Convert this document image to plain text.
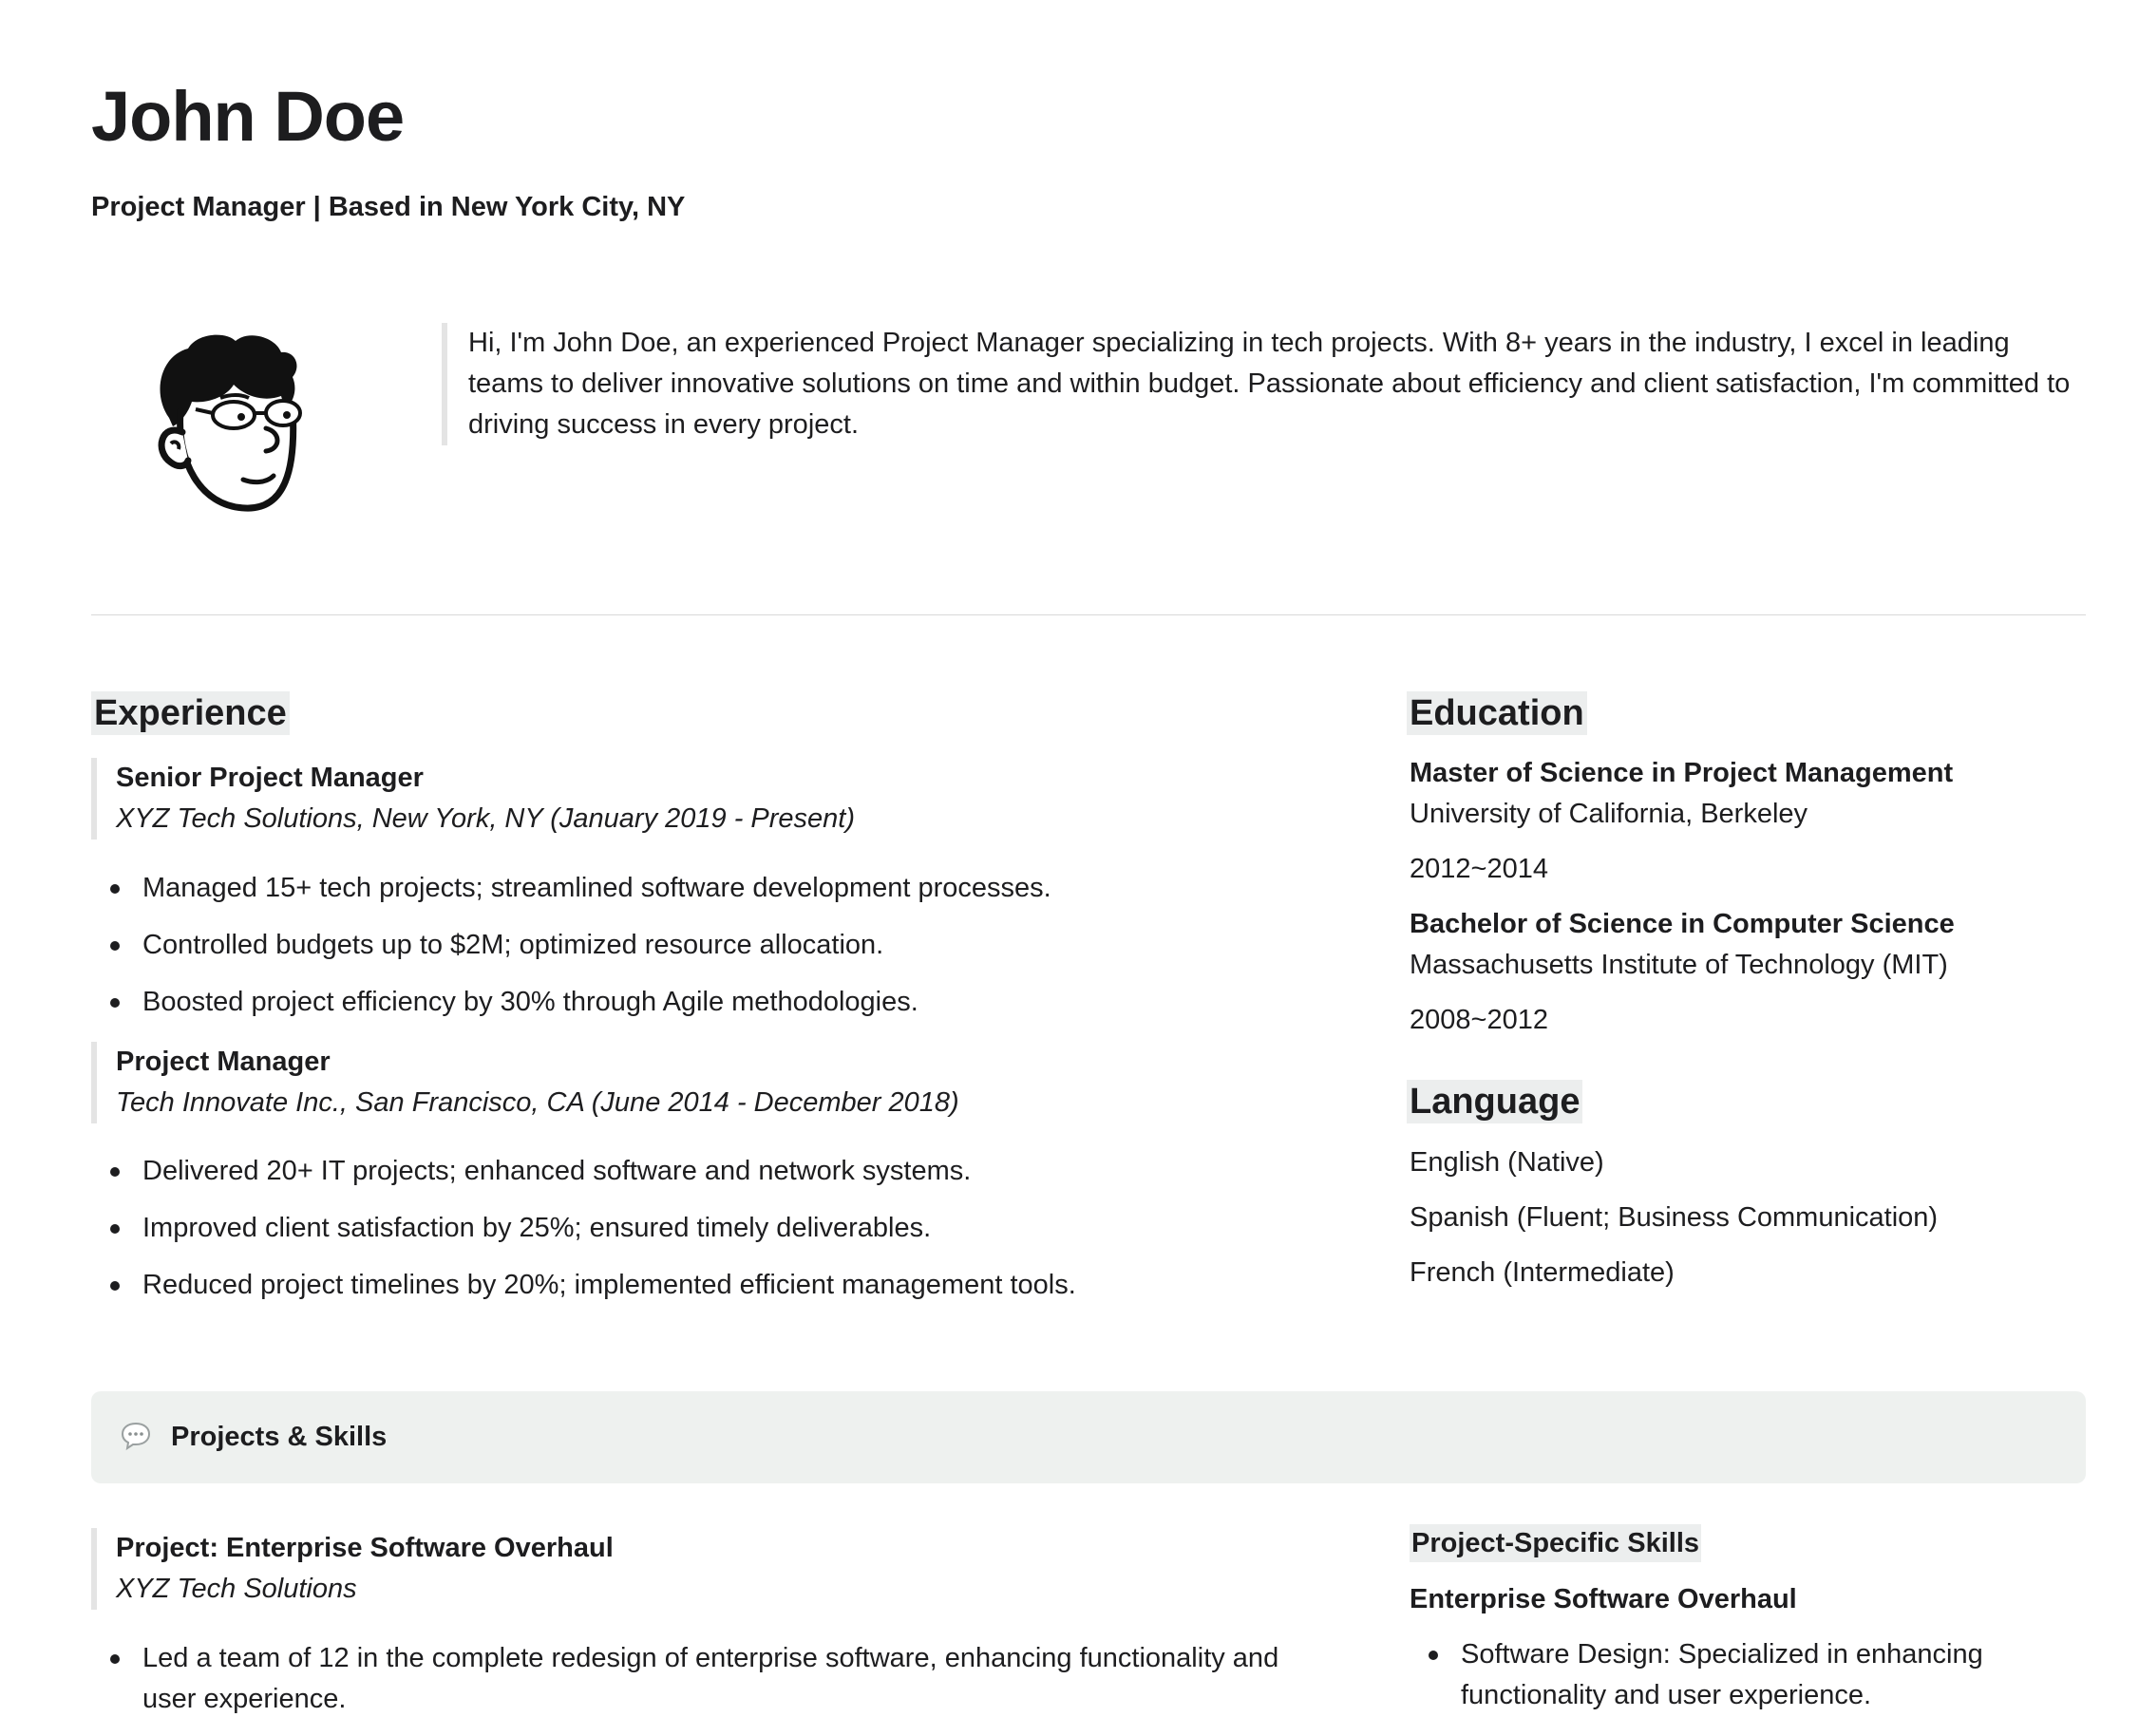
John Doe
Project Manager | Based in New York City, NY
Hi, I'm John Doe, an experienced Project Manager specializing in tech projects. With 8+ years in the industry, I excel in leading teams to deliver innovative solutions on time and within budget. Passionate about efficiency and client satisfaction, I'm committed to driving success in every project.
Experience
Senior Project Manager
XYZ Tech Solutions, New York, NY (January 2019 - Present)
Managed 15+ tech projects; streamlined software development processes.
Controlled budgets up to $2M; optimized resource allocation.
Boosted project efficiency by 30% through Agile methodologies.
Project Manager
Tech Innovate Inc., San Francisco, CA (June 2014 - December 2018)
Delivered 20+ IT projects; enhanced software and network systems.
Improved client satisfaction by 25%; ensured timely deliverables.
Reduced project timelines by 20%; implemented efficient management tools.
Education
Master of Science in Project Management
University of California, Berkeley
2012~2014
Bachelor of Science in Computer Science
Massachusetts Institute of Technology (MIT)
2008~2012
Language
English (Native)
Spanish (Fluent; Business Communication)
French (Intermediate)
Projects & Skills
Project: Enterprise Software Overhaul
XYZ Tech Solutions
Led a team of 12 in the complete redesign of enterprise software, enhancing functionality and user experience.
Project-Specific Skills
Enterprise Software Overhaul
Software Design: Specialized in enhancing functionality and user experience.
